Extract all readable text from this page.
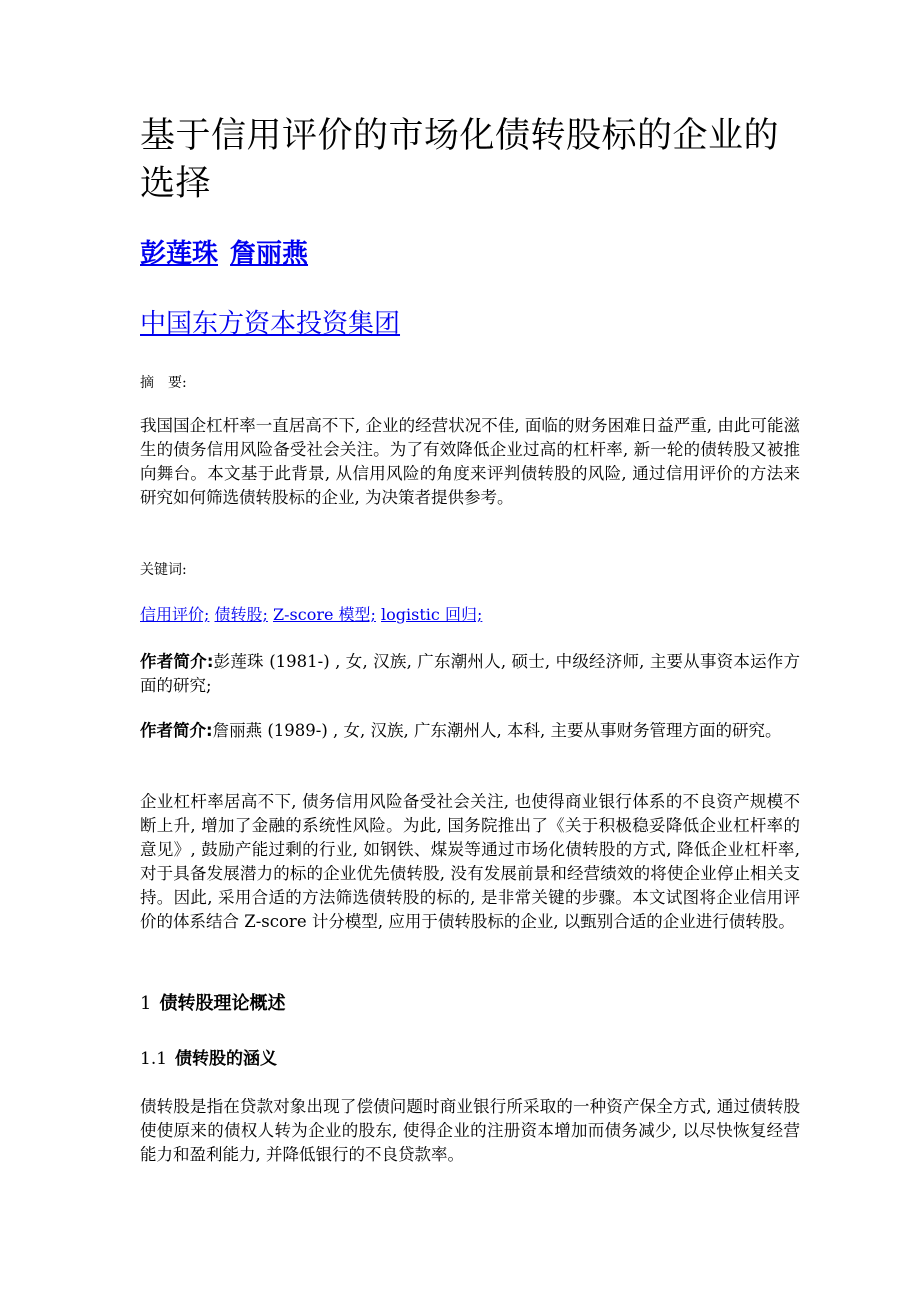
基于信用评价的市场化债转股标的企业的选择
彭莲珠 詹丽燕
中国东方资本投资集团
摘　要:
我国国企杠杆率一直居高不下, 企业的经营状况不佳, 面临的财务困难日益严重, 由此可能滋生的债务信用风险备受社会关注。为了有效降低企业过高的杠杆率, 新一轮的债转股又被推向舞台。本文基于此背景, 从信用风险的角度来评判债转股的风险, 通过信用评价的方法来研究如何筛选债转股标的企业, 为决策者提供参考。
关键词:
信用评价; 债转股; Z-score 模型; logistic 回归;
作者简介:彭莲珠 (1981-) , 女, 汉族, 广东潮州人, 硕士, 中级经济师, 主要从事资本运作方面的研究;
作者简介:詹丽燕 (1989-) , 女, 汉族, 广东潮州人, 本科, 主要从事财务管理方面的研究。
企业杠杆率居高不下, 债务信用风险备受社会关注, 也使得商业银行体系的不良资产规模不断上升, 增加了金融的系统性风险。为此, 国务院推出了《关于积极稳妥降低企业杠杆率的意见》, 鼓励产能过剩的行业, 如钢铁、煤炭等通过市场化债转股的方式, 降低企业杠杆率, 对于具备发展潜力的标的企业优先债转股, 没有发展前景和经营绩效的将使企业停止相关支持。因此, 采用合适的方法筛选债转股的标的, 是非常关键的步骤。本文试图将企业信用评价的体系结合 Z-score 计分模型, 应用于债转股标的企业, 以甄别合适的企业进行债转股。
1 债转股理论概述
1.1 债转股的涵义
债转股是指在贷款对象出现了偿债问题时商业银行所采取的一种资产保全方式, 通过债转股使使原来的债权人转为企业的股东, 使得企业的注册资本增加而债务减少, 以尽快恢复经营能力和盈利能力, 并降低银行的不良贷款率。
